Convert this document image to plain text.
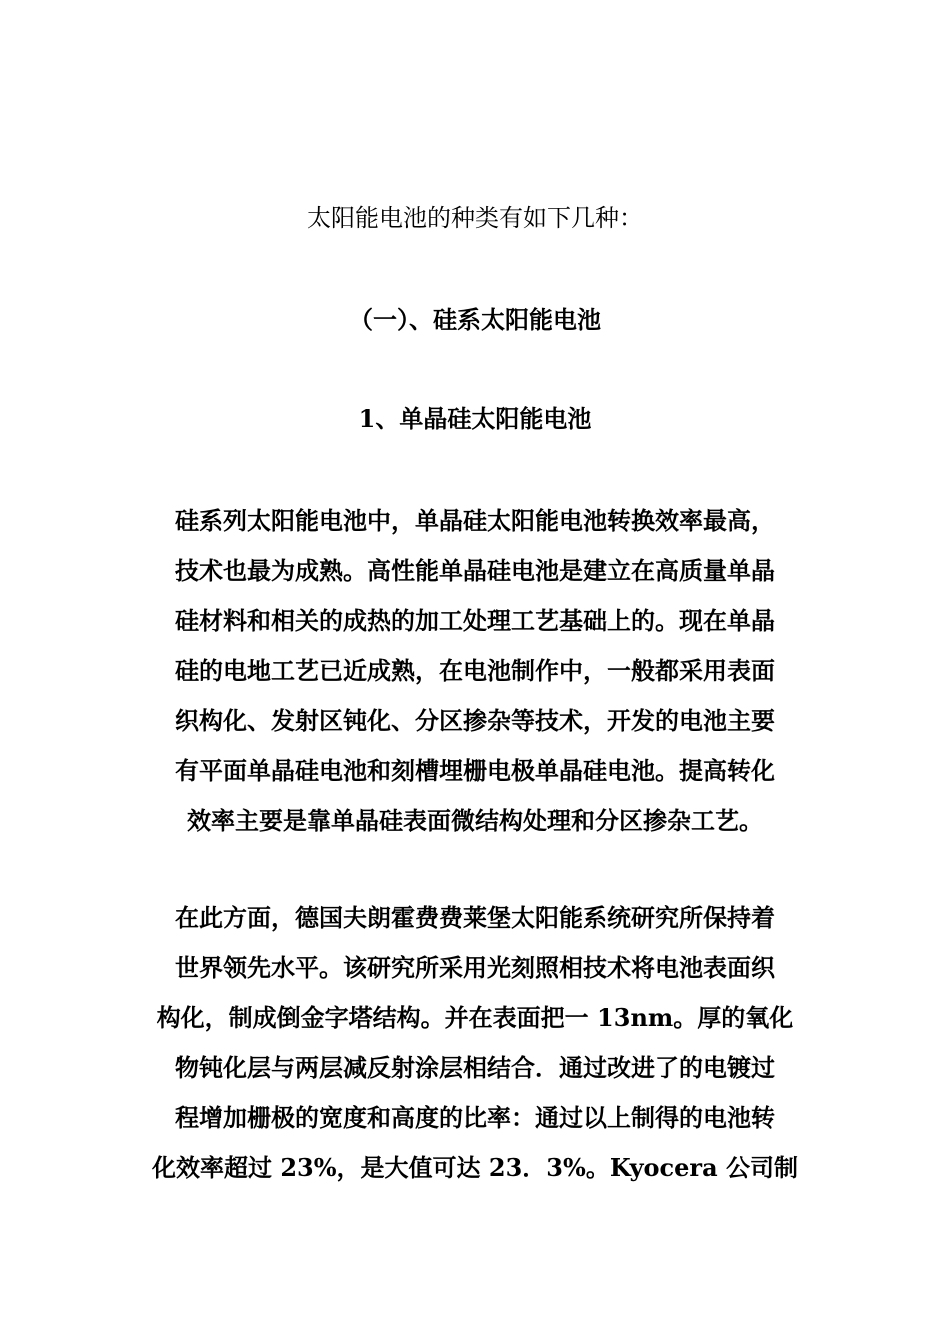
太阳能电池的种类有如下几种：
（一）、硅系太阳能电池
1、单晶硅太阳能电池
硅系列太阳能电池中，单晶硅太阳能电池转换效率最高，
技术也最为成熟。高性能单晶硅电池是建立在高质量单晶
硅材料和相关的成热的加工处理工艺基础上的。现在单晶
硅的电地工艺已近成熟，在电池制作中，一般都采用表面
织构化、发射区钝化、分区掺杂等技术，开发的电池主要
有平面单晶硅电池和刻槽埋栅电极单晶硅电池。提高转化
效率主要是靠单晶硅表面微结构处理和分区掺杂工艺。
在此方面，德国夫朗霍费费莱堡太阳能系统研究所保持着
世界领先水平。该研究所采用光刻照相技术将电池表面织
构化，制成倒金字塔结构。并在表面把一 13nm。厚的氧化
物钝化层与两层减反射涂层相结合．通过改进了的电镀过
程增加栅极的宽度和高度的比率：通过以上制得的电池转
化效率超过 23%，是大值可达 23．3%。Kyocera 公司制
